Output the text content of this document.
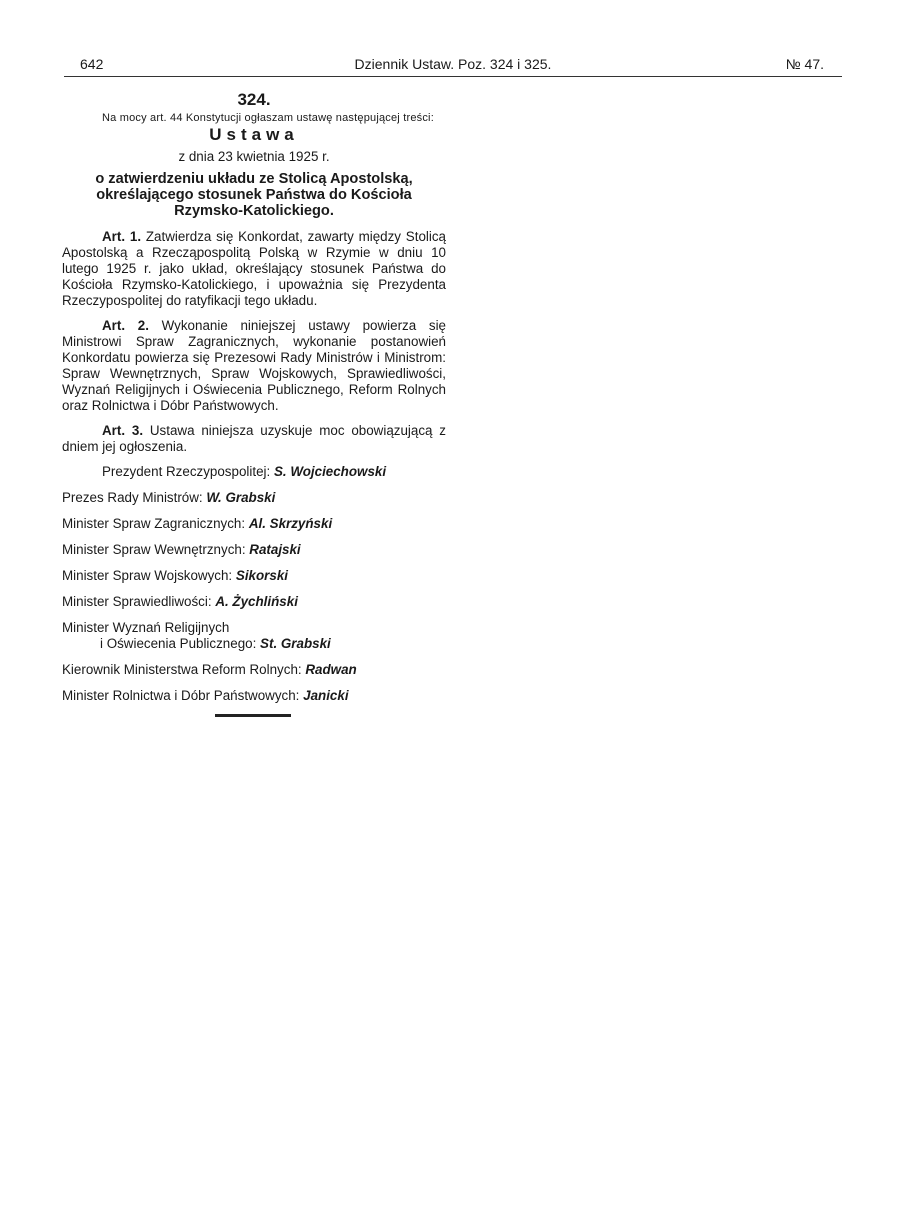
642	Dziennik Ustaw. Poz. 324 i 325.	№ 47.
324.

Na mocy art. 44 Konstytucji ogłaszam ustawę następującej treści:

Ustawa
z dnia 23 kwietnia 1925 r.
o zatwierdzeniu układu ze Stolicą Apostolską, określającego stosunek Państwa do Kościoła Rzymsko-Katolickiego.

Art. 1. Zatwierdza się Konkordat, zawarty między Stolicą Apostolską a Rzecząpospolitą Polską w Rzymie w dniu 10 lutego 1925 r. jako układ, określający stosunek Państwa do Kościoła Rzymsko-Katolickiego, i upoważnia się Prezydenta Rzeczypospolitej do ratyfikacji tego układu.

Art. 2. Wykonanie niniejszej ustawy powierza się Ministrowi Spraw Zagranicznych, wykonanie postanowień Konkordatu powierza się Prezesowi Rady Ministrów i Ministrom: Spraw Wewnętrznych, Spraw Wojskowych, Sprawiedliwości, Wyznań Religijnych i Oświecenia Publicznego, Reform Rolnych oraz Rolnictwa i Dóbr Państwowych.

Art. 3. Ustawa niniejsza uzyskuje moc obowiązującą z dniem jej ogłoszenia.

Prezydent Rzeczypospolitej: S. Wojciechowski
Prezes Rady Ministrów: W. Grabski
Minister Spraw Zagranicznych: Al. Skrzyński
Minister Spraw Wewnętrznych: Ratajski
Minister Spraw Wojskowych: Sikorski
Minister Sprawiedliwości: A. Żychliński
Minister Wyznań Religijnych
i Oświecenia Publicznego: St. Grabski
Kierownik Ministerstwa Reform Rolnych: Radwan
Minister Rolnictwa i Dóbr Państwowych: Janicki
